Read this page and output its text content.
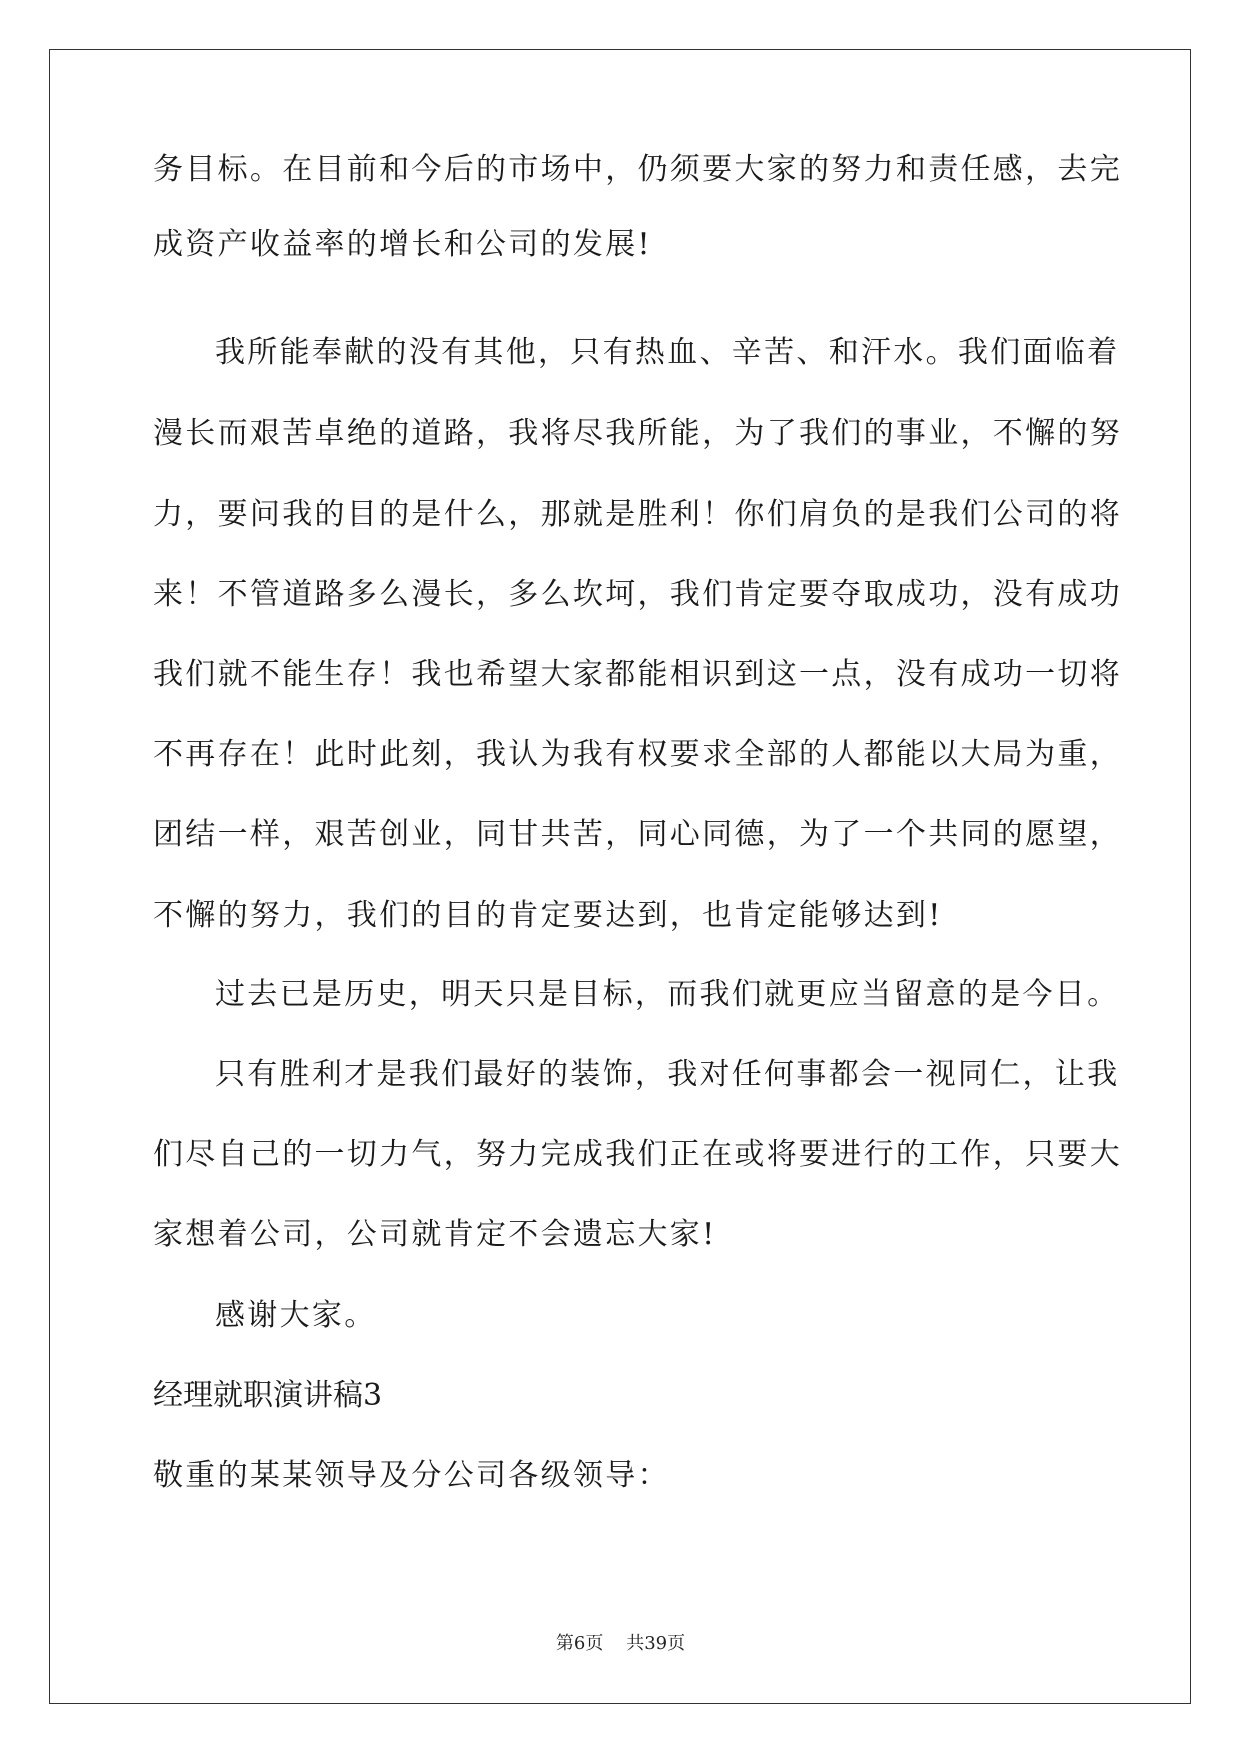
务目标。在目前和今后的市场中，仍须要大家的努力和责任感，去完
成资产收益率的增长和公司的发展!
我所能奉献的没有其他，只有热血、辛苦、和汗水。我们面临着
漫长而艰苦卓绝的道路，我将尽我所能，为了我们的事业，不懈的努
力，要问我的目的是什么，那就是胜利！你们肩负的是我们公司的将
来！不管道路多么漫长，多么坎坷，我们肯定要夺取成功，没有成功
我们就不能生存！我也希望大家都能相识到这一点，没有成功一切将
不再存在！此时此刻，我认为我有权要求全部的人都能以大局为重，
团结一样，艰苦创业，同甘共苦，同心同德，为了一个共同的愿望，
不懈的努力，我们的目的肯定要达到，也肯定能够达到!
过去已是历史，明天只是目标，而我们就更应当留意的是今日。
只有胜利才是我们最好的装饰，我对任何事都会一视同仁，让我
们尽自己的一切力气，努力完成我们正在或将要进行的工作，只要大
家想着公司，公司就肯定不会遗忘大家!
感谢大家。
经理就职演讲稿3
敬重的某某领导及分公司各级领导：
第6页 共39页
